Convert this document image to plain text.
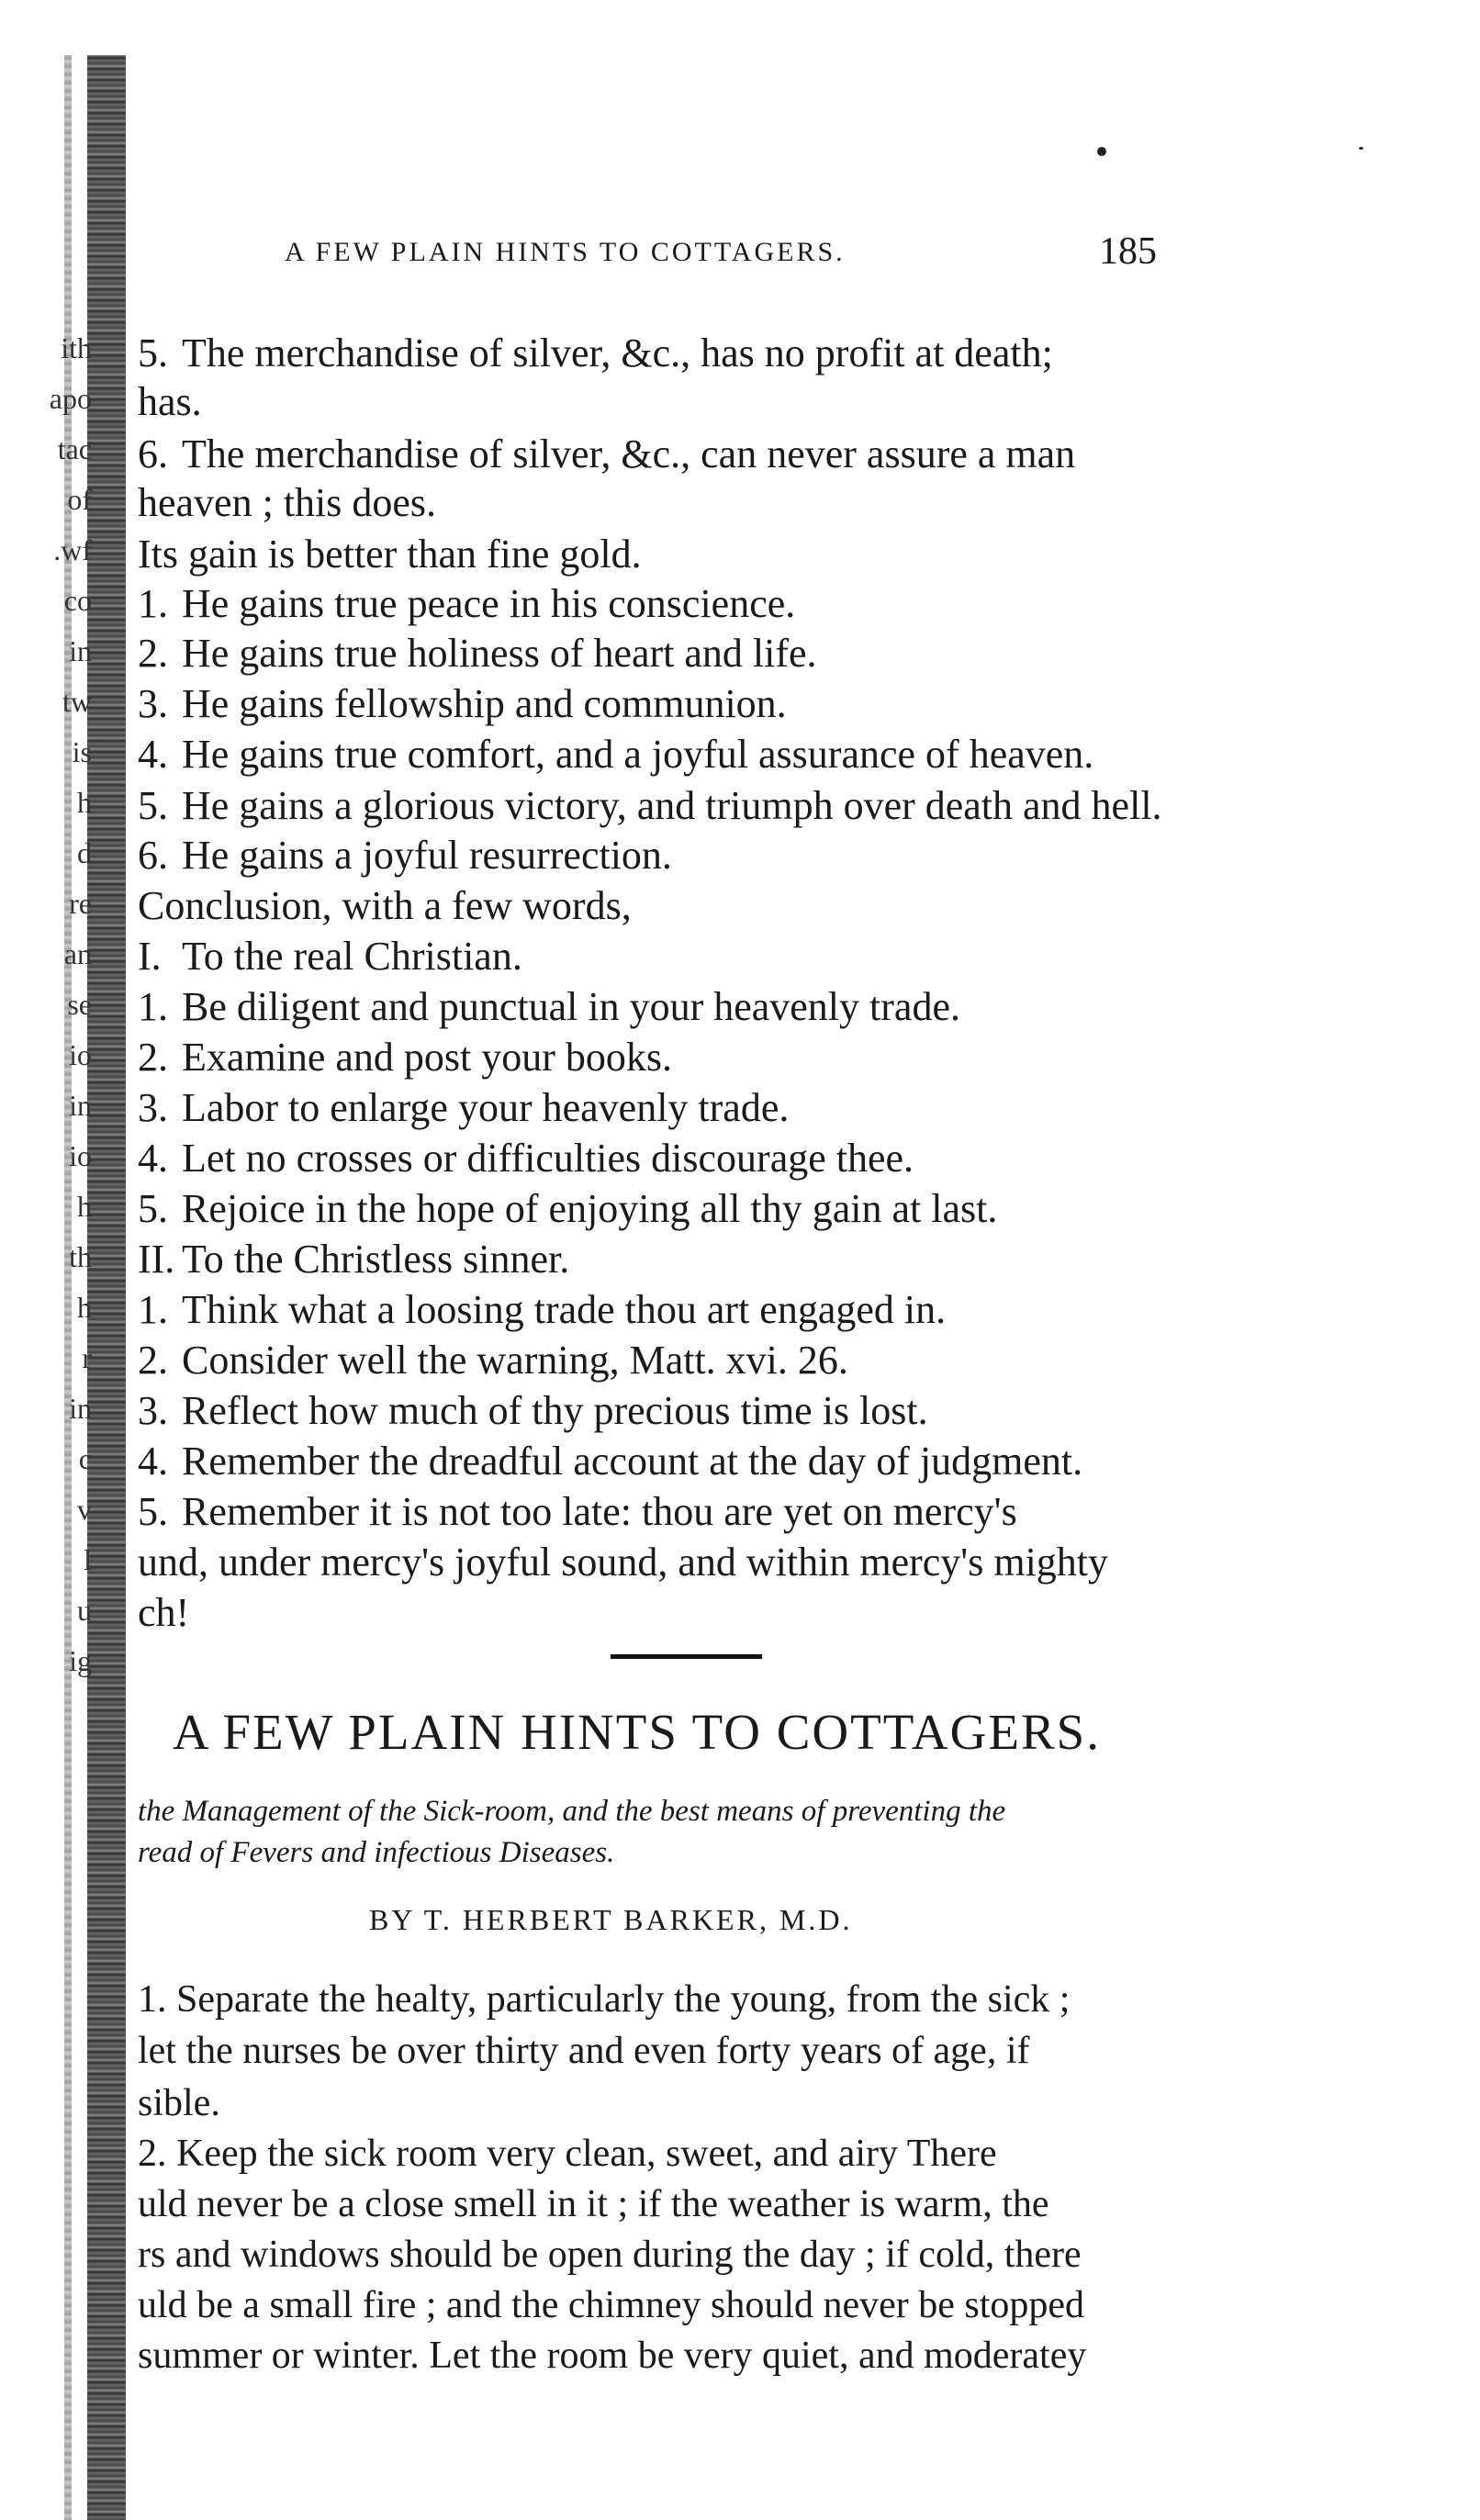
ith
apo
tac
of
.wf
co
in
tw
is
h
d
re
an
se
io
in
io
h
th
h
r
in
c
v
l
u
ig
A FEW PLAIN HINTS TO COTTAGERS.	185
5. The merchandise of silver, &c., has no profit at death;
has.
6. The merchandise of silver, &c., can never assure a man
heaven ; this does.
Its gain is better than fine gold.
1. He gains true peace in his conscience.
2. He gains true holiness of heart and life.
3. He gains fellowship and communion.
4. He gains true comfort, and a joyful assurance of heaven.
5. He gains a glorious victory, and triumph over death and hell.
6. He gains a joyful resurrection.
Conclusion, with a few words,
I. To the real Christian.
1. Be diligent and punctual in your heavenly trade.
2. Examine and post your books.
3. Labor to enlarge your heavenly trade.
4. Let no crosses or difficulties discourage thee.
5. Rejoice in the hope of enjoying all thy gain at last.
II. To the Christless sinner.
1. Think what a loosing trade thou art engaged in.
2. Consider well the warning, Matt. xvi. 26.
3. Reflect how much of thy precious time is lost.
4. Remember the dreadful account at the day of judgment.
5. Remember it is not too late: thou are yet on mercy's
und, under mercy's joyful sound, and within mercy's mighty
ch!
A FEW PLAIN HINTS TO COTTAGERS.
the Management of the Sick-room, and the best means of preventing the
read of Fevers and infectious Diseases.
BY T. HERBERT BARKER, M.D.
1. Separate the healty, particularly the young, from the sick ;
let the nurses be over thirty and even forty years of age, if
sible.
2. Keep the sick room very clean, sweet, and airy There
uld never be a close smell in it ; if the weather is warm, the
rs and windows should be open during the day ; if cold, there
uld be a small fire ; and the chimney should never be stopped
summer or winter. Let the room be very quiet, and moderatey
